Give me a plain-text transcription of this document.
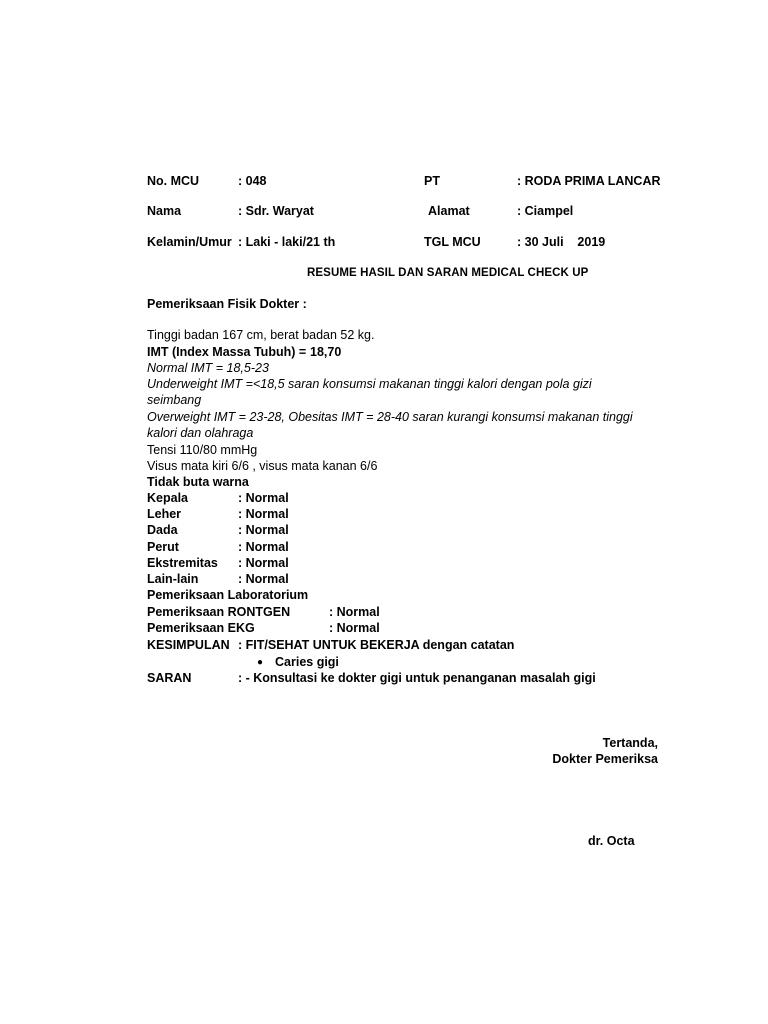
No. MCU	: 048	PT	: RODA PRIMA LANCAR
Nama	: Sdr. Waryat	Alamat	: Ciampel
Kelamin/Umur : Laki - laki/21 th	TGL MCU	: 30 Juli    2019
RESUME HASIL DAN SARAN MEDICAL CHECK UP
Pemeriksaan Fisik Dokter :
Tinggi badan 167 cm, berat badan 52 kg.
IMT (Index Massa Tubuh) = 18,70
Normal IMT = 18,5-23
Underweight IMT =<18,5 saran konsumsi makanan tinggi kalori dengan pola gizi
seimbang
Overweight IMT = 23-28, Obesitas IMT = 28-40 saran kurangi konsumsi makanan tinggi
kalori dan olahraga
Tensi 110/80 mmHg
Visus mata kiri 6/6 , visus mata kanan 6/6
Tidak buta warna
Kepala	: Normal
Leher	: Normal
Dada	: Normal
Perut	: Normal
Ekstremitas : Normal
Lain-lain	: Normal
Pemeriksaan Laboratorium
Pemeriksaan RONTGEN	: Normal
Pemeriksaan EKG	: Normal
KESIMPULAN : FIT/SEHAT UNTUK BEKERJA dengan catatan
● Caries gigi
SARAN	: - Konsultasi ke dokter gigi untuk penanganan masalah gigi
Tertanda,
Dokter Pemeriksa
dr. Octa
